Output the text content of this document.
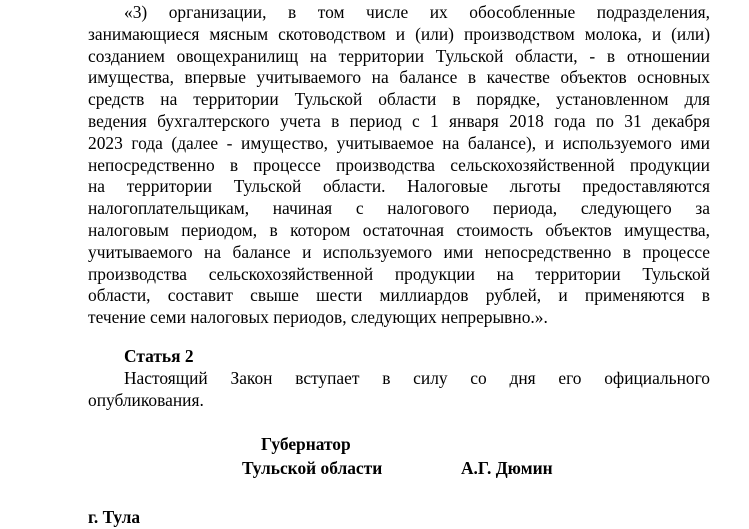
«3) организации, в том числе их обособленные подразделения,
занимающиеся мясным скотоводством и (или) производством молока, и (или)
созданием овощехранилищ на территории Тульской области, - в отношении
имущества, впервые учитываемого на балансе в качестве объектов основных
средств на территории Тульской области в порядке, установленном для
ведения бухгалтерского учета в период с 1 января 2018 года по 31 декабря
2023 года (далее - имущество, учитываемое на балансе), и используемого ими
непосредственно в процессе производства сельскохозяйственной продукции
на территории Тульской области. Налоговые льготы предоставляются
налогоплательщикам, начиная с налогового периода, следующего за
налоговым периодом, в котором остаточная стоимость объектов имущества,
учитываемого на балансе и используемого ими непосредственно в процессе
производства сельскохозяйственной продукции на территории Тульской
области, составит свыше шести миллиардов рублей, и применяются в
течение семи налоговых периодов, следующих непрерывно.».
Статья 2
Настоящий Закон вступает в силу со дня его официального
опубликования.
Губернатор
Тульской области	А.Г. Дюмин
г. Тула
